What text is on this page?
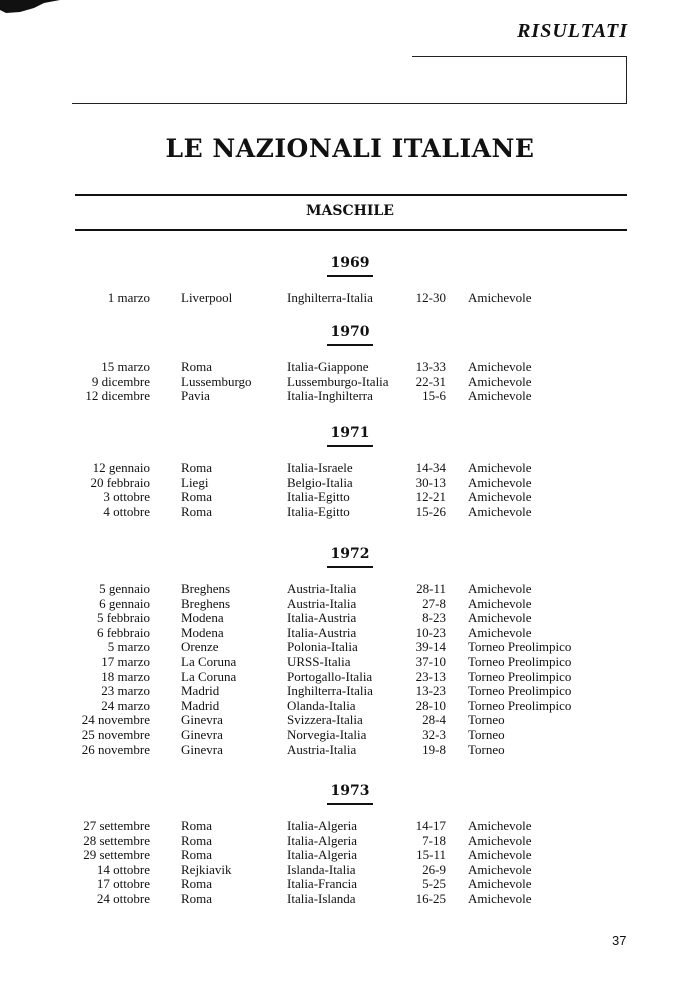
RISULTATI
LE NAZIONALI ITALIANE
MASCHILE
1969
1 marzo Liverpool	Inghilterra-Italia	12-30 Amichevole
1970
15 marzo Roma	Italia-Giappone	13-33 Amichevole
9 dicembre Lussemburgo	Lussemburgo-Italia	22-31 Amichevole
12 dicembre Pavia	Italia-Inghilterra	15-6 Amichevole
1971
12 gennaio Roma	Italia-Israele	14-34 Amichevole
20 febbraio Liegi	Belgio-Italia	30-13 Amichevole
3 ottobre Roma	Italia-Egitto	12-21 Amichevole
4 ottobre Roma	Italia-Egitto	15-26 Amichevole
1972
5 gennaio Breghens	Austria-Italia	28-11 Amichevole
6 gennaio Breghens	Austria-Italia	27-8 Amichevole
5 febbraio Modena	Italia-Austria	8-23 Amichevole
6 febbraio Modena	Italia-Austria	10-23 Amichevole
5 marzo Orenze	Polonia-Italia	39-14 Torneo Preolimpico
17 marzo La Coruna	URSS-Italia	37-10 Torneo Preolimpico
18 marzo La Coruna	Portogallo-Italia	23-13 Torneo Preolimpico
23 marzo Madrid	Inghilterra-Italia	13-23 Torneo Preolimpico
24 marzo Madrid	Olanda-Italia	28-10 Torneo Preolimpico
24 novembre Ginevra	Svizzera-Italia	28-4 Torneo
25 novembre Ginevra	Norvegia-Italia	32-3 Torneo
26 novembre Ginevra	Austria-Italia	19-8 Torneo
1973
27 settembre Roma	Italia-Algeria	14-17 Amichevole
28 settembre Roma	Italia-Algeria	7-18 Amichevole
29 settembre Roma	Italia-Algeria	15-11 Amichevole
14 ottobre Rejkiavik	Islanda-Italia	26-9 Amichevole
17 ottobre Roma	Italia-Francia	5-25 Amichevole
24 ottobre Roma	Italia-Islanda	16-25 Amichevole
37
